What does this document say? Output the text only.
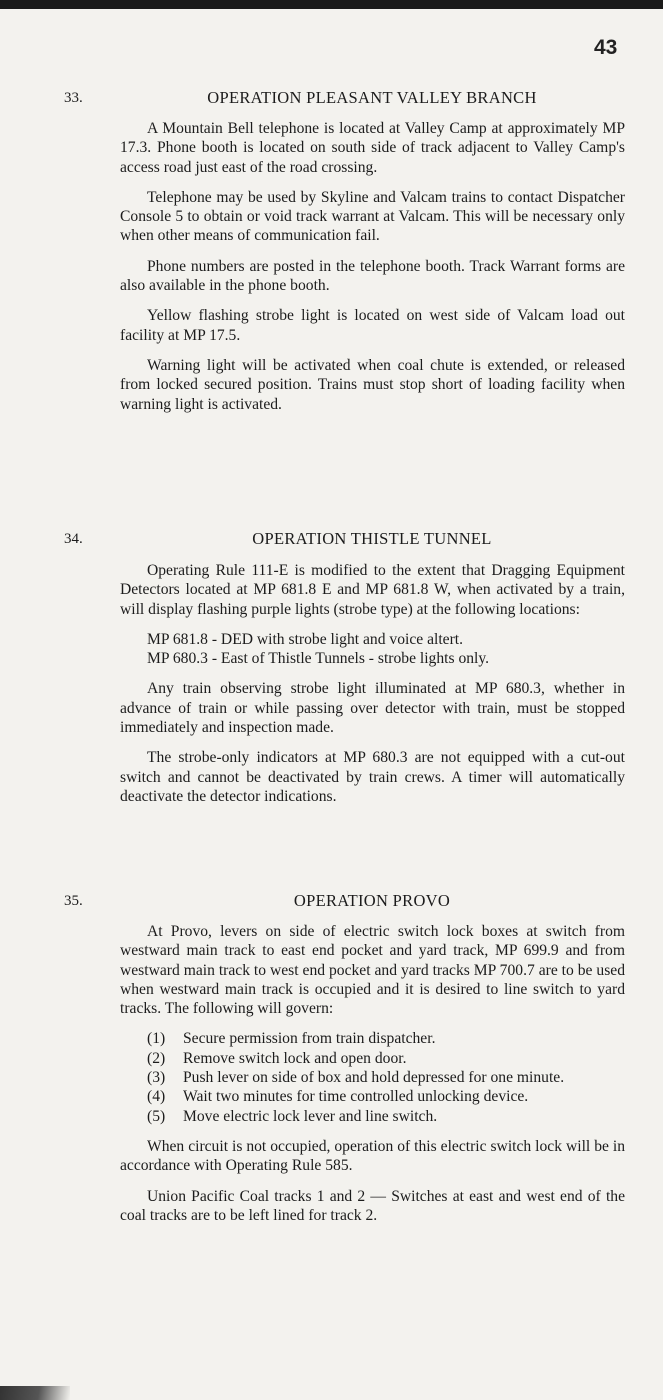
43
33.	OPERATION PLEASANT VALLEY BRANCH

A Mountain Bell telephone is located at Valley Camp at approximately MP 17.3. Phone booth is located on south side of track adjacent to Valley Camp's access road just east of the road crossing.

Telephone may be used by Skyline and Valcam trains to contact Dispatcher Console 5 to obtain or void track warrant at Valcam. This will be necessary only when other means of communication fail.

Phone numbers are posted in the telephone booth. Track Warrant forms are also available in the phone booth.

Yellow flashing strobe light is located on west side of Valcam load out facility at MP 17.5.

Warning light will be activated when coal chute is extended, or released from locked secured position. Trains must stop short of loading facility when warning light is activated.

34.	OPERATION THISTLE TUNNEL

Operating Rule 111-E is modified to the extent that Dragging Equipment Detectors located at MP 681.8 E and MP 681.8 W, when activated by a train, will display flashing purple lights (strobe type) at the following locations:

MP 681.8 - DED with strobe light and voice altert.
MP 680.3 - East of Thistle Tunnels - strobe lights only.

Any train observing strobe light illuminated at MP 680.3, whether in advance of train or while passing over detector with train, must be stopped immediately and inspection made.

The strobe-only indicators at MP 680.3 are not equipped with a cut-out switch and cannot be deactivated by train crews. A timer will automatically deactivate the detector indications.

35.	OPERATION PROVO

At Provo, levers on side of electric switch lock boxes at switch from westward main track to east end pocket and yard track, MP 699.9 and from westward main track to west end pocket and yard tracks MP 700.7 are to be used when westward main track is occupied and it is desired to line switch to yard tracks. The following will govern:

(1) Secure permission from train dispatcher.
(2) Remove switch lock and open door.
(3) Push lever on side of box and hold depressed for one minute.
(4) Wait two minutes for time controlled unlocking device.
(5) Move electric lock lever and line switch.

When circuit is not occupied, operation of this electric switch lock will be in accordance with Operating Rule 585.

Union Pacific Coal tracks 1 and 2 — Switches at east and west end of the coal tracks are to be left lined for track 2.
